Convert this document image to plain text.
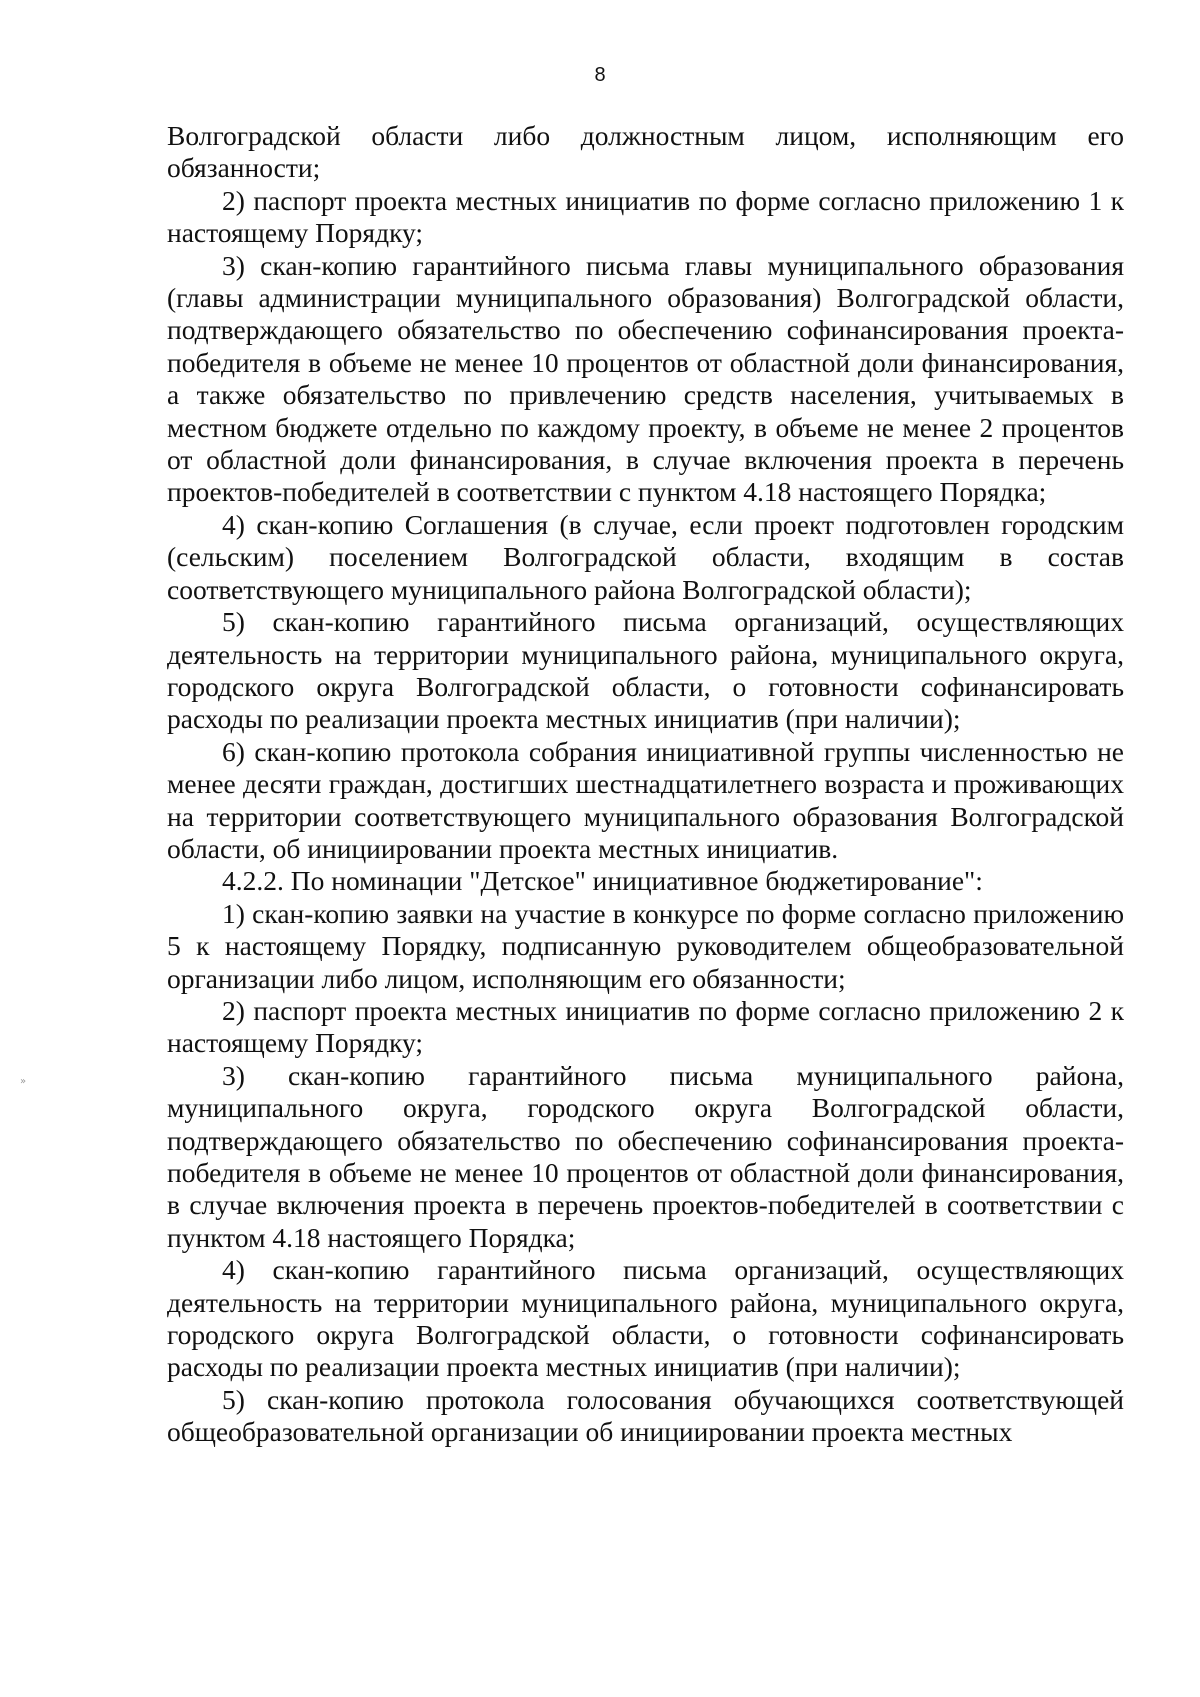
8

Волгоградской области либо должностным лицом, исполняющим его обязанности;

2) паспорт проекта местных инициатив по форме согласно приложению 1 к настоящему Порядку;

3) скан-копию гарантийного письма главы муниципального образования (главы администрации муниципального образования) Волгоградской области, подтверждающего обязательство по обеспечению софинансирования проекта-победителя в объеме не менее 10 процентов от областной доли финансирования, а также обязательство по привлечению средств населения, учитываемых в местном бюджете отдельно по каждому проекту, в объеме не менее 2 процентов от областной доли финансирования, в случае включения проекта в перечень проектов-победителей в соответствии с пунктом 4.18 настоящего Порядка;

4) скан-копию Соглашения (в случае, если проект подготовлен городским (сельским) поселением Волгоградской области, входящим в состав соответствующего муниципального района Волгоградской области);

5) скан-копию гарантийного письма организаций, осуществляющих деятельность на территории муниципального района, муниципального округа, городского округа Волгоградской области, о готовности софинансировать расходы по реализации проекта местных инициатив (при наличии);

6) скан-копию протокола собрания инициативной группы численностью не менее десяти граждан, достигших шестнадцатилетнего возраста и проживающих на территории соответствующего муниципального образования Волгоградской области, об инициировании проекта местных инициатив.

4.2.2. По номинации "Детское" инициативное бюджетирование":

1) скан-копию заявки на участие в конкурсе по форме согласно приложению 5 к настоящему Порядку, подписанную руководителем общеобразовательной организации либо лицом, исполняющим его обязанности;

2) паспорт проекта местных инициатив по форме согласно приложению 2 к настоящему Порядку;

3) скан-копию гарантийного письма муниципального района, муниципального округа, городского округа Волгоградской области, подтверждающего обязательство по обеспечению софинансирования проекта-победителя в объеме не менее 10 процентов от областной доли финансирования, в случае включения проекта в перечень проектов-победителей в соответствии с пунктом 4.18 настоящего Порядка;

4) скан-копию гарантийного письма организаций, осуществляющих деятельность на территории муниципального района, муниципального округа, городского округа Волгоградской области, о готовности софинансировать расходы по реализации проекта местных инициатив (при наличии);

5) скан-копию протокола голосования обучающихся соответствующей общеобразовательной организации об инициировании проекта местных

»
